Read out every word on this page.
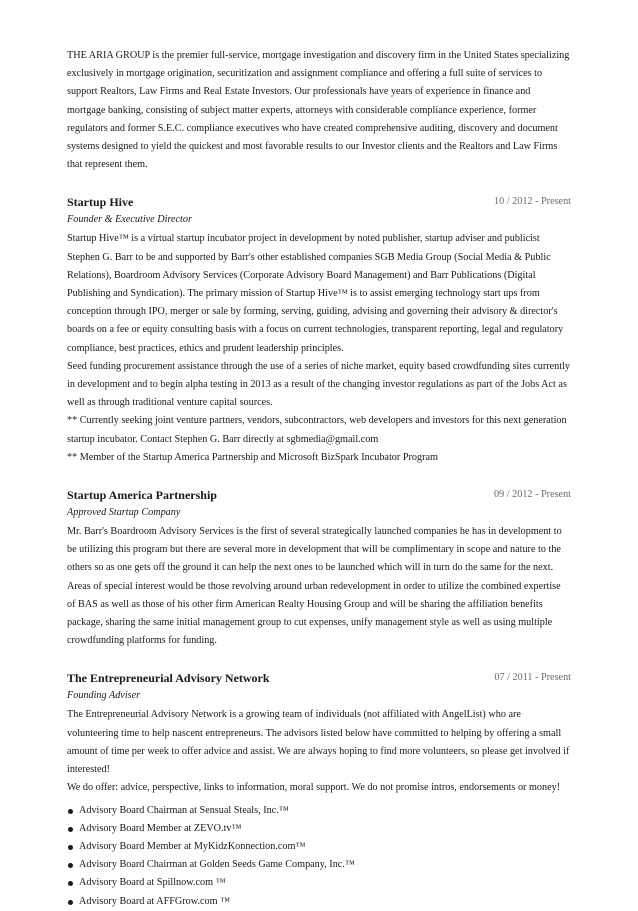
THE ARIA GROUP is the premier full-service, mortgage investigation and discovery firm in the United States specializing exclusively in mortgage origination, securitization and assignment compliance and offering a full suite of services to support Realtors, Law Firms and Real Estate Investors. Our professionals have years of experience in finance and mortgage banking, consisting of subject matter experts, attorneys with considerable compliance experience, former regulators and former S.E.C. compliance executives who have created comprehensive auditing, discovery and document systems designed to yield the quickest and most favorable results to our Investor clients and the Realtors and Law Firms that represent them.

Startup Hive	10 / 2012 - Present
Founder & Executive Director

Startup Hive™ is a virtual startup incubator project in development by noted publisher, startup adviser and publicist Stephen G. Barr to be and supported by Barr's other established companies SGB Media Group (Social Media & Public Relations), Boardroom Advisory Services (Corporate Advisory Board Management) and Barr Publications (Digital Publishing and Syndication). The primary mission of Startup Hive™ is to assist emerging technology start ups from conception through IPO, merger or sale by forming, serving, guiding, advising and governing their advisory & director's boards on a fee or equity consulting basis with a focus on current technologies, transparent reporting, legal and regulatory compliance, best practices, ethics and prudent leadership principles.

Seed funding procurement assistance through the use of a series of niche market, equity based crowdfunding sites currently in development and to begin alpha testing in 2013 as a result of the changing investor regulations as part of the Jobs Act as well as through traditional venture capital sources.

** Currently seeking joint venture partners, vendors, subcontractors, web developers and investors for this next generation startup incubator. Contact Stephen G. Barr directly at sgbmedia@gmail.com

** Member of the Startup America Partnership and Microsoft BizSpark Incubator Program

Startup America Partnership	09 / 2012 - Present
Approved Startup Company

Mr. Barr's Boardroom Advisory Services is the first of several strategically launched companies he has in development to be utilizing this program but there are several more in development that will be complimentary in scope and nature to the others so as one gets off the ground it can help the next ones to be launched which will in turn do the same for the next. Areas of special interest would be those revolving around urban redevelopment in order to utilize the combined expertise of BAS as well as those of his other firm American Realty Housing Group and will be sharing the affiliation benefits package, sharing the same initial management group to cut expenses, unify management style as well as using multiple crowdfunding platforms for funding.

The Entrepreneurial Advisory Network	07 / 2011 - Present
Founding Adviser

The Entrepreneurial Advisory Network is a growing team of individuals (not affiliated with AngelList) who are volunteering time to help nascent entrepreneurs. The advisors listed below have committed to helping by offering a small amount of time per week to offer advice and assist. We are always hoping to find more volunteers, so please get involved if interested!

We do offer: advice, perspective, links to information, moral support. We do not promise intros, endorsements or money!

Advisory Board Chairman at Sensual Steals, Inc.™
Advisory Board Member at ZEVO.tv™
Advisory Board Member at MyKidzKonnection.com™
Advisory Board Chairman at Golden Seeds Game Company, Inc.™
Advisory Board at Spillnow.com ™
Advisory Board at AFFGrow.com ™
